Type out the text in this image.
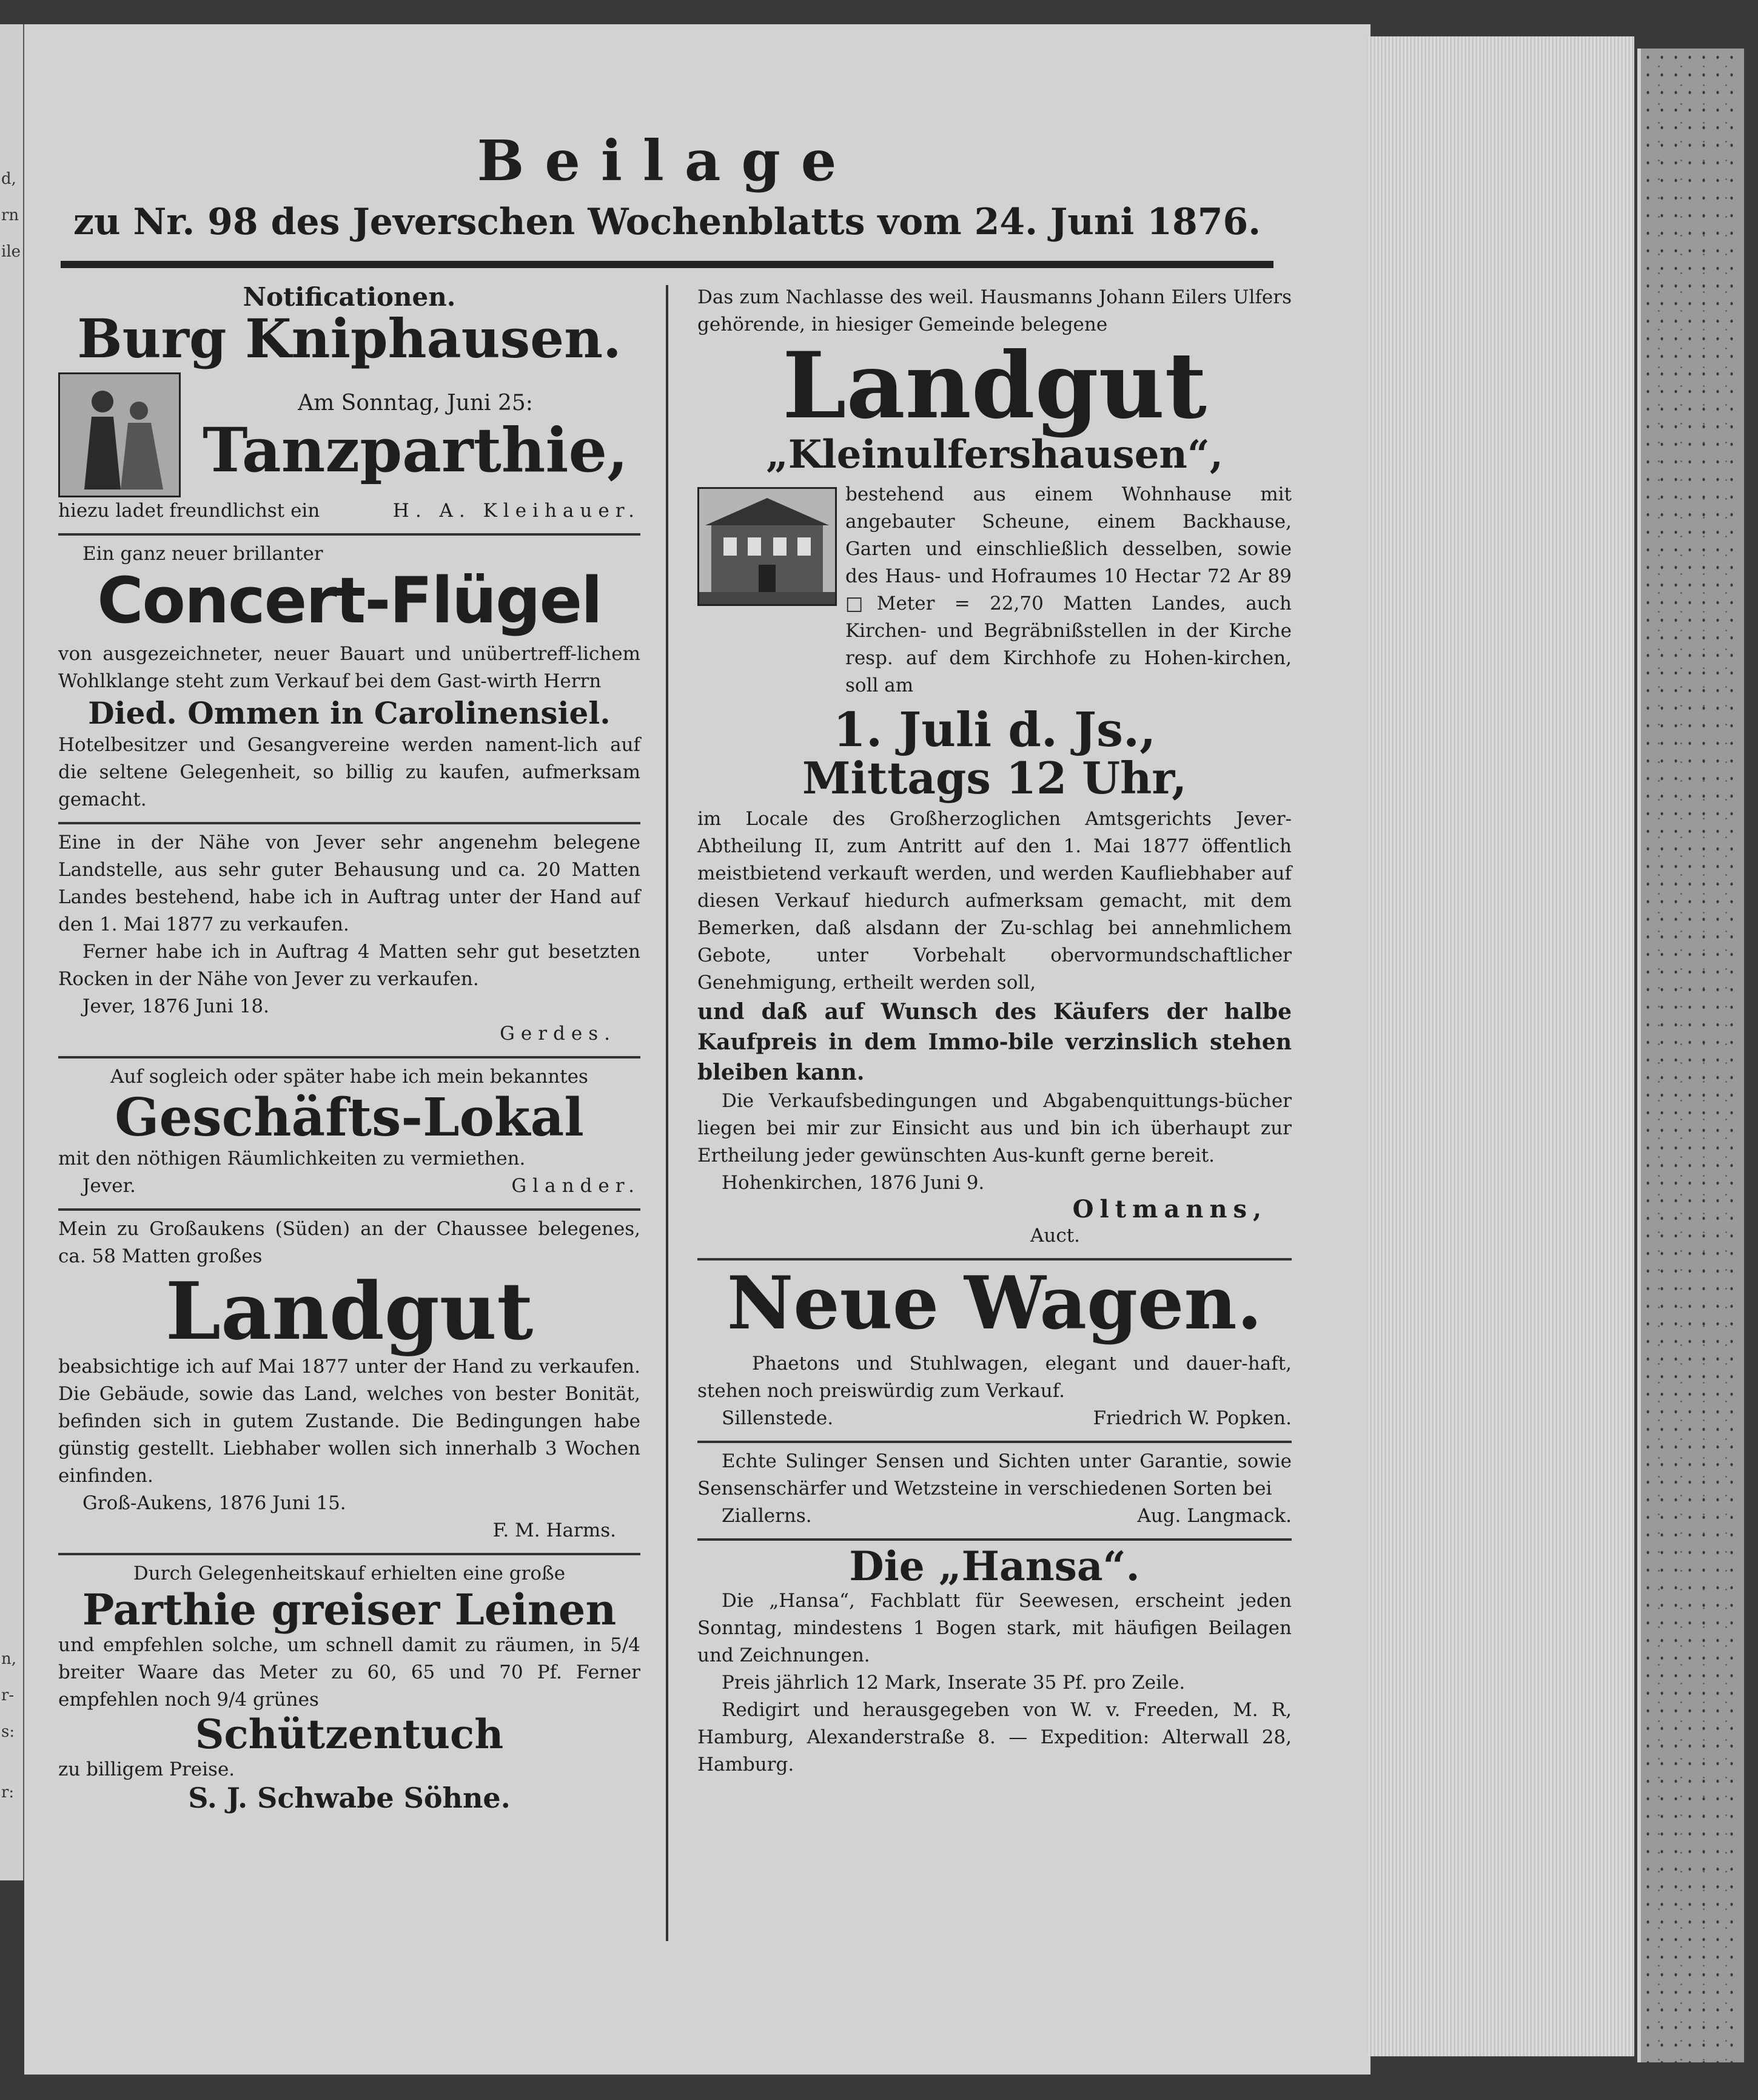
d,
rn
ile
n,
r-
s:
r:
Beilage
zu Nr. 98 des Jeverschen Wochenblatts vom 24. Juni 1876.
Notificationen.
Burg Kniphausen.
Am Sonntag, Juni 25:
Tanzparthie,
hiezu ladet freundlichst ein	H. A. Kleihauer.
Ein ganz neuer brillanter
Concert-Flügel
von ausgezeichneter, neuer Bauart und unübertreff-lichem Wohlklange steht zum Verkauf bei dem Gast-wirth Herrn
Died. Ommen in Carolinensiel.
Hotelbesitzer und Gesangvereine werden nament-lich auf die seltene Gelegenheit, so billig zu kaufen, aufmerksam gemacht.
Eine in der Nähe von Jever sehr angenehm belegene Landstelle, aus sehr guter Behausung und ca. 20 Matten Landes bestehend, habe ich in Auftrag unter der Hand auf den 1. Mai 1877 zu verkaufen.
Ferner habe ich in Auftrag 4 Matten sehr gut besetzten Rocken in der Nähe von Jever zu verkaufen.
Jever, 1876 Juni 18.
Gerdes.
Auf sogleich oder später habe ich mein bekanntes
Geschäfts-Lokal
mit den nöthigen Räumlichkeiten zu vermiethen.
Jever.	Glander.
Mein zu Großaukens (Süden) an der Chaussee belegenes, ca. 58 Matten großes
Landgut
beabsichtige ich auf Mai 1877 unter der Hand zu verkaufen. Die Gebäude, sowie das Land, welches von bester Bonität, befinden sich in gutem Zustande. Die Bedingungen habe günstig gestellt. Liebhaber wollen sich innerhalb 3 Wochen einfinden.
Groß-Aukens, 1876 Juni 15.
F. M. Harms.
Durch Gelegenheitskauf erhielten eine große
Parthie greiser Leinen
und empfehlen solche, um schnell damit zu räumen, in 5/4 breiter Waare das Meter zu 60, 65 und 70 Pf. Ferner empfehlen noch 9/4 grünes
Schützentuch
zu billigem Preise.
S. J. Schwabe Söhne.
Das zum Nachlasse des weil. Hausmanns Johann Eilers Ulfers gehörende, in hiesiger Gemeinde belegene
Landgut
„Kleinulfershausen“,
bestehend aus einem Wohnhause mit angebauter Scheune, einem Backhause, Garten und einschließlich desselben, sowie des Haus- und Hofraumes 10 Hectar 72 Ar 89 □Meter = 22,70 Matten Landes, auch Kirchen- und Begräbnißstellen in der Kirche resp. auf dem Kirchhofe zu Hohen-kirchen, soll am
1. Juli d. Js.,
Mittags 12 Uhr,
im Locale des Großherzoglichen Amtsgerichts Jever-Abtheilung II, zum Antritt auf den 1. Mai 1877 öffentlich meistbietend verkauft werden, und werden Kaufliebhaber auf diesen Verkauf hiedurch aufmerksam gemacht, mit dem Bemerken, daß alsdann der Zu-schlag bei annehmlichem Gebote, unter Vorbehalt obervormundschaftlicher Genehmigung, ertheilt werden soll,
und daß auf Wunsch des Käufers der halbe Kaufpreis in dem Immo-bile verzinslich stehen bleiben kann.
Die Verkaufsbedingungen und Abgabenquittungs-bücher liegen bei mir zur Einsicht aus und bin ich überhaupt zur Ertheilung jeder gewünschten Aus-kunft gerne bereit.
Hohenkirchen, 1876 Juni 9.
Oltmanns,
Auct.
Neue Wagen.
Phaetons und Stuhlwagen, elegant und dauer-haft, stehen noch preiswürdig zum Verkauf.
Sillenstede.	Friedrich W. Popken.
Echte Sulinger Sensen und Sichten unter Garantie, sowie Sensenschärfer und Wetzsteine in verschiedenen Sorten bei
Ziallerns.	Aug. Langmack.
Die „Hansa“.
Die „Hansa“, Fachblatt für Seewesen, erscheint jeden Sonntag, mindestens 1 Bogen stark, mit häufigen Beilagen und Zeichnungen.
Preis jährlich 12 Mark, Inserate 35 Pf. pro Zeile.
Redigirt und herausgegeben von W. v. Freeden, M. R, Hamburg, Alexanderstraße 8. — Expedition: Alterwall 28, Hamburg.
